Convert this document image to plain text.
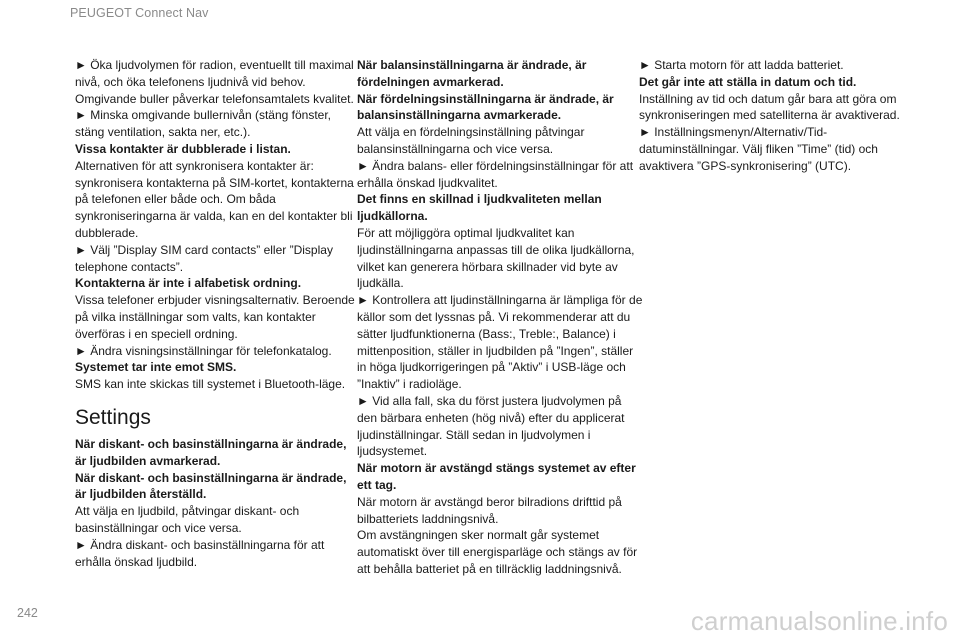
PEUGEOT Connect Nav

► Öka ljudvolymen för radion, eventuellt till maximal nivå, och öka telefonens ljudnivå vid behov.

Omgivande buller påverkar telefonsamtalets kvalitet.

► Minska omgivande bullernivån (stäng fönster, stäng ventilation, sakta ner, etc.).

Vissa kontakter är dubblerade i listan.

Alternativen för att synkronisera kontakter är: synkronisera kontakterna på SIM-kortet, kontakterna på telefonen eller både och. Om båda synkroniseringarna är valda, kan en del kontakter bli dubblerade.

► Välj ”Display SIM card contacts” eller ”Display telephone contacts”.

Kontakterna är inte i alfabetisk ordning.

Vissa telefoner erbjuder visningsalternativ. Beroende på vilka inställningar som valts, kan kontakter överföras i en speciell ordning.

► Ändra visningsinställningar för telefonkatalog.

Systemet tar inte emot SMS.

SMS kan inte skickas till systemet i Bluetooth-läge.

Settings

När diskant- och basinställningarna är ändrade, är ljudbilden avmarkerad.

När diskant- och basinställningarna är ändrade, är ljudbilden återställd.

Att välja en ljudbild, påtvingar diskant- och basinställningar och vice versa.

► Ändra diskant- och basinställningarna för att erhålla önskad ljudbild.

När balansinställningarna är ändrade, är fördelningen avmarkerad.

När fördelningsinställningarna är ändrade, är balansinställningarna avmarkerade.

Att välja en fördelningsinställning påtvingar balansinställningarna och vice versa.

► Ändra balans- eller fördelningsinställningar för att erhålla önskad ljudkvalitet.

Det finns en skillnad i ljudkvaliteten mellan ljudkällorna.

För att möjliggöra optimal ljudkvalitet kan ljudinställningarna anpassas till de olika ljudkällorna, vilket kan generera hörbara skillnader vid byte av ljudkälla.

► Kontrollera att ljudinställningarna är lämpliga för de källor som det lyssnas på. Vi rekommenderar att du sätter ljudfunktionerna (Bass:, Treble:, Balance) i mittenposition, ställer in ljudbilden på ”Ingen”, ställer in höga ljudkorrigeringen på ”Aktiv” i USB-läge och ”Inaktiv” i radioläge.

► Vid alla fall, ska du först justera ljudvolymen på den bärbara enheten (hög nivå) efter du applicerat ljudinställningar. Ställ sedan in ljudvolymen i ljudsystemet.

När motorn är avstängd stängs systemet av efter ett tag.

När motorn är avstängd beror bilradions drifttid på bilbatteriets laddningsnivå.

Om avstängningen sker normalt går systemet automatiskt över till energisparläge och stängs av för att behålla batteriet på en tillräcklig laddningsnivå.

► Starta motorn för att ladda batteriet.

Det går inte att ställa in datum och tid.

Inställning av tid och datum går bara att göra om synkroniseringen med satelliterna är avaktiverad.

► Inställningsmenyn/Alternativ/Tid-datuminställningar. Välj fliken ”Time” (tid) och avaktivera ”GPS-synkronisering” (UTC).

242	carmanualsonline.info
